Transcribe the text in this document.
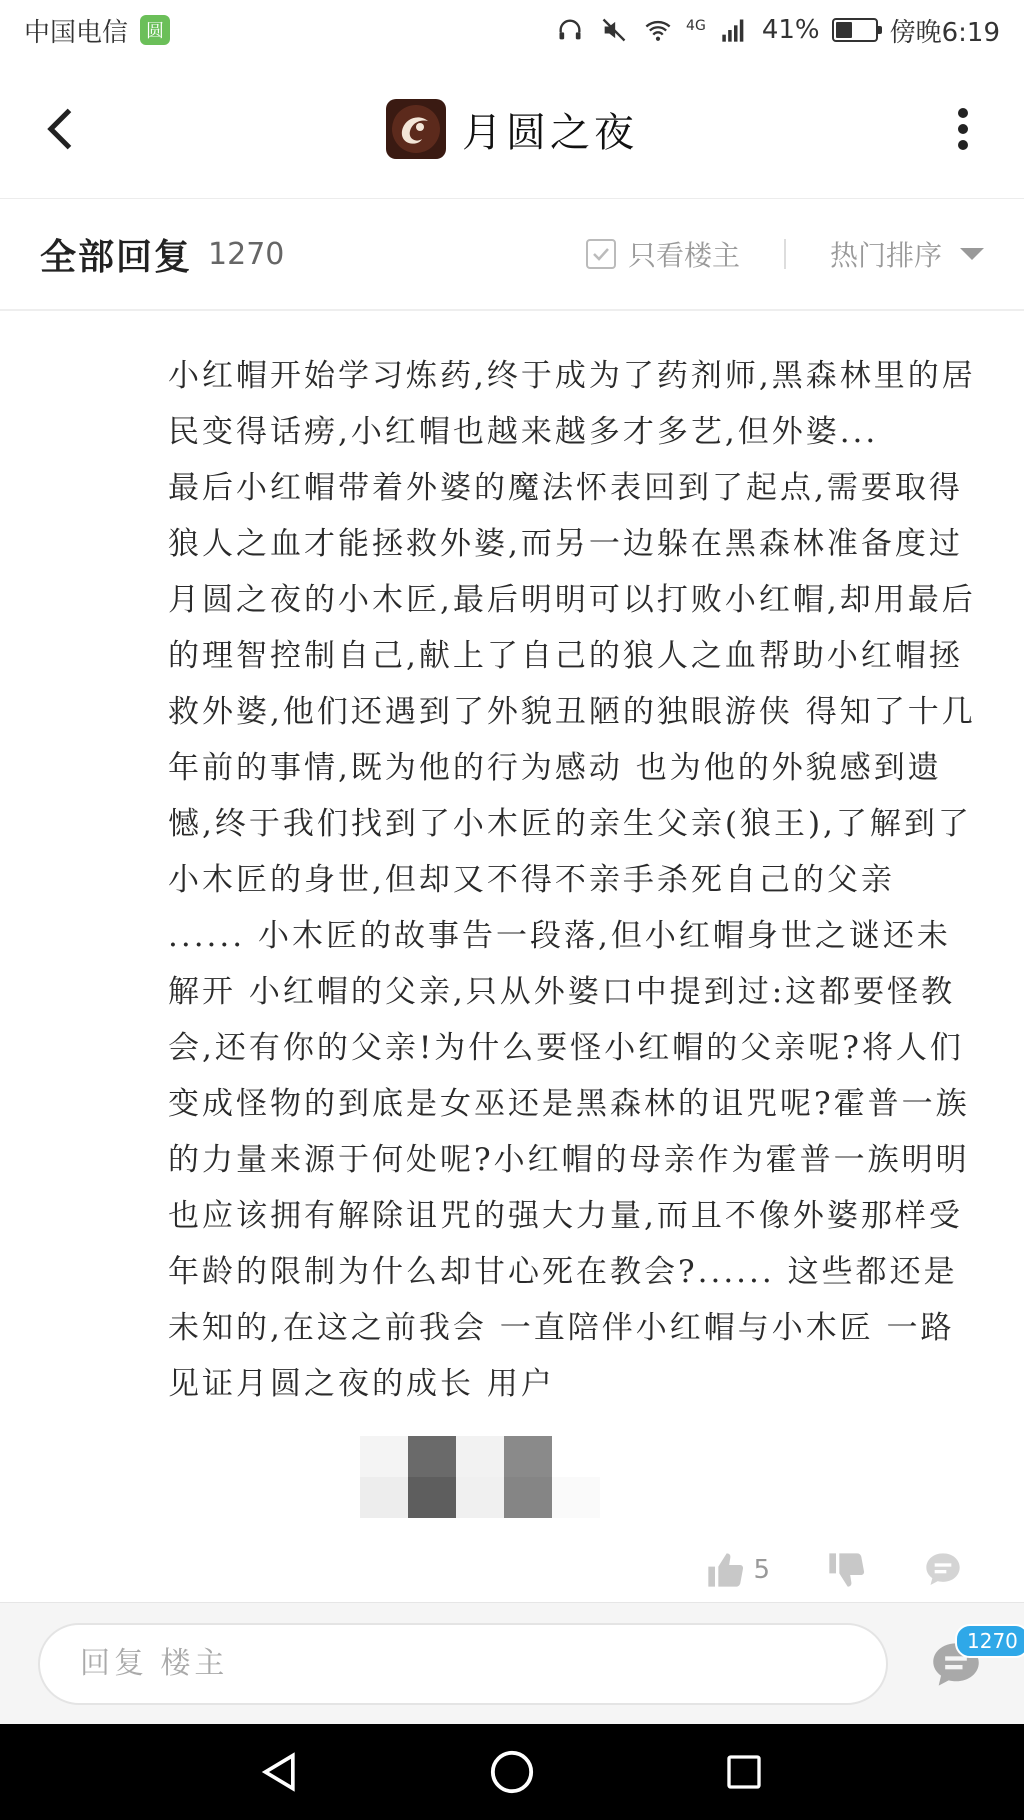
中国电信	圆	4G 41%	傍晚6:19
月圆之夜
全部回复 1270	只看楼主	热门排序
小红帽开始学习炼药,终于成为了药剂师,黑森林里的居民变得话痨,小红帽也越来越多才多艺,但外婆...
最后小红帽带着外婆的魔法怀表回到了起点,需要取得狼人之血才能拯救外婆,而另一边躲在黑森林准备度过月圆之夜的小木匠,最后明明可以打败小红帽,却用最后的理智控制自己,献上了自己的狼人之血帮助小红帽拯救外婆,他们还遇到了外貌丑陋的独眼游侠 得知了十几年前的事情,既为他的行为感动 也为他的外貌感到遗憾,终于我们找到了小木匠的亲生父亲(狼王),了解到了小木匠的身世,但却又不得不亲手杀死自己的父亲 ...... 小木匠的故事告一段落,但小红帽身世之谜还未解开 小红帽的父亲,只从外婆口中提到过:这都要怪教会,还有你的父亲!为什么要怪小红帽的父亲呢?将人们变成怪物的到底是女巫还是黑森林的诅咒呢?霍普一族的力量来源于何处呢?小红帽的母亲作为霍普一族明明也应该拥有解除诅咒的强大力量,而且不像外婆那样受年龄的限制为什么却甘心死在教会?...... 这些都还是未知的,在这之前我会 一直陪伴小红帽与小木匠 一路见证月圆之夜的成长 用户
5
回复 楼主
1270
